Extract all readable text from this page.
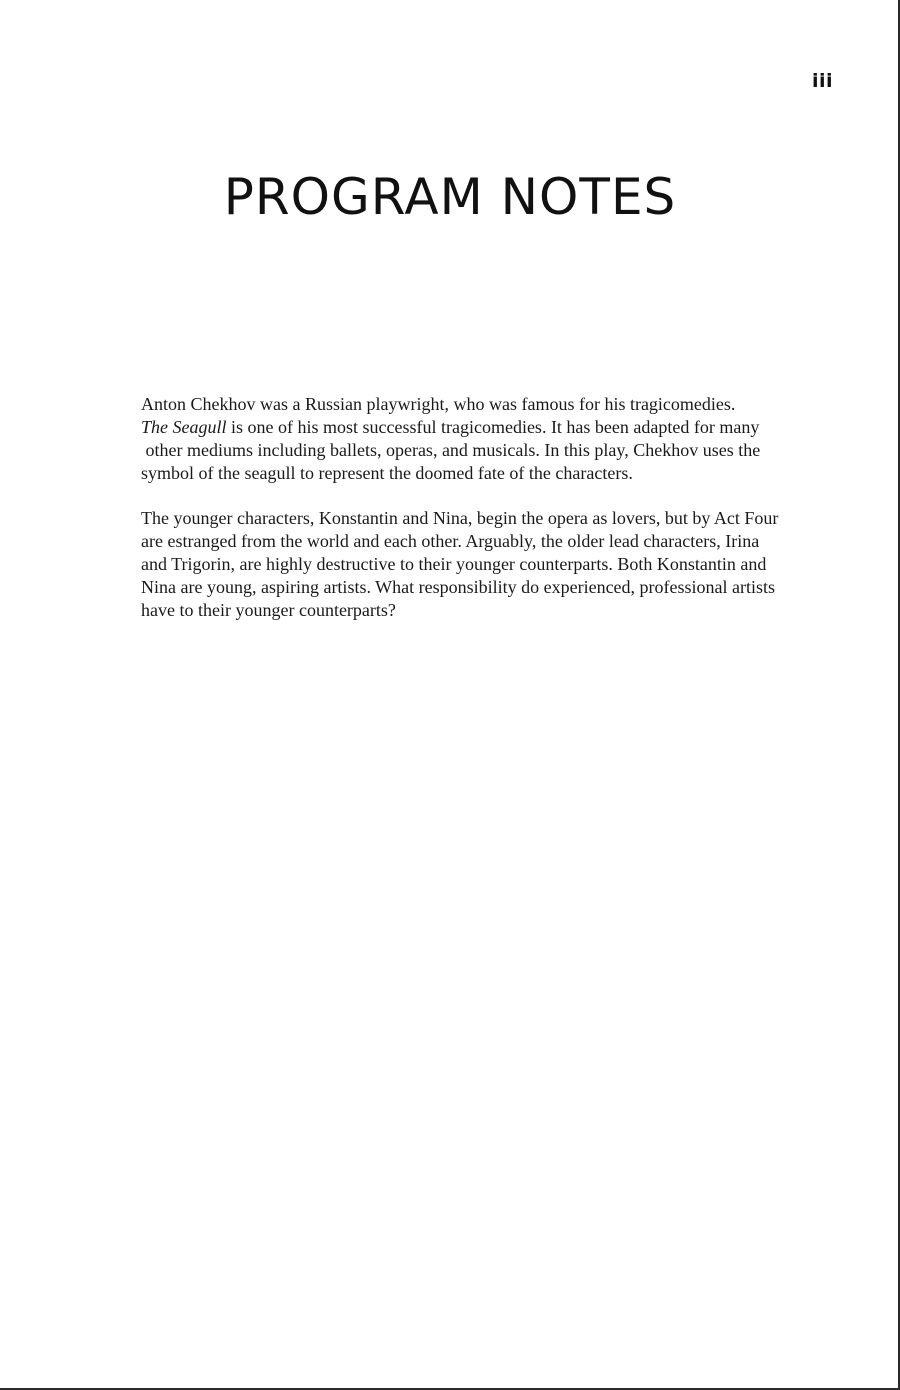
iii
PROGRAM NOTES

Anton Chekhov was a Russian playwright, who was famous for his tragicomedies.
The Seagull is one of his most successful tragicomedies. It has been adapted for many
other mediums including ballets, operas, and musicals. In this play, Chekhov uses the
symbol of the seagull to represent the doomed fate of the characters.

The younger characters, Konstantin and Nina, begin the opera as lovers, but by Act Four
are estranged from the world and each other. Arguably, the older lead characters, Irina
and Trigorin, are highly destructive to their younger counterparts. Both Konstantin and
Nina are young, aspiring artists. What responsibility do experienced, professional artists
have to their younger counterparts?
